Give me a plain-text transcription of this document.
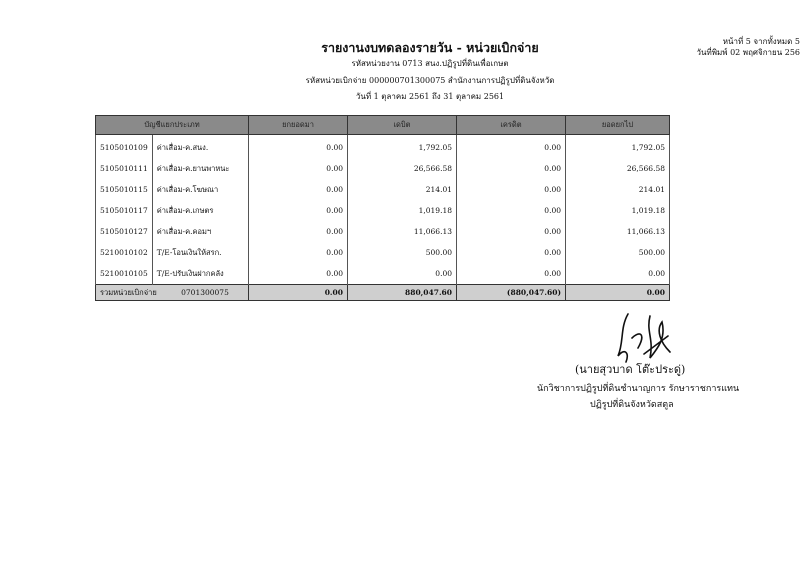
รายงานงบทดลองรายวัน - หน่วยเบิกจ่าย
รหัสหน่วยงาน 0713 สนง.ปฏิรูปที่ดินเพื่อเกษต
รหัสหน่วยเบิกจ่าย 000000701300075 สำนักงานการปฏิรูปที่ดินจังหวัด
วันที่ 1 ตุลาคม 2561 ถึง 31 ตุลาคม 2561
หน้าที่ 5 จากทั้งหมด 5
วันที่พิมพ์ 02 พฤศจิกายน 256
บัญชีแยกประเภท		ยกยอดมา	เดบิต	เครดิต	ยอดยกไป
5105010109	ค่าเสื่อม-ค.สนง.	0.00	1,792.05	0.00	1,792.05
5105010111	ค่าเสื่อม-ค.ยานพาหนะ	0.00	26,566.58	0.00	26,566.58
5105010115	ค่าเสื่อม-ค.โฆษณา	0.00	214.01	0.00	214.01
5105010117	ค่าเสื่อม-ค.เกษตร	0.00	1,019.18	0.00	1,019.18
5105010127	ค่าเสื่อม-ค.คอมฯ	0.00	11,066.13	0.00	11,066.13
5210010102	T/E-โอนเงินให้สรก.	0.00	500.00	0.00	500.00
5210010105	T/E-ปรับเงินฝากคลัง	0.00	0.00	0.00	0.00
รวมหน่วยเบิกจ่าย 0701300075		0.00	880,047.60	(880,047.60)	0.00
(นายสุวบาด โต๊ะประดู่)
นักวิชาการปฏิรูปที่ดินชำนาญการ รักษาราชการแทน
ปฏิรูปที่ดินจังหวัดสตูล
